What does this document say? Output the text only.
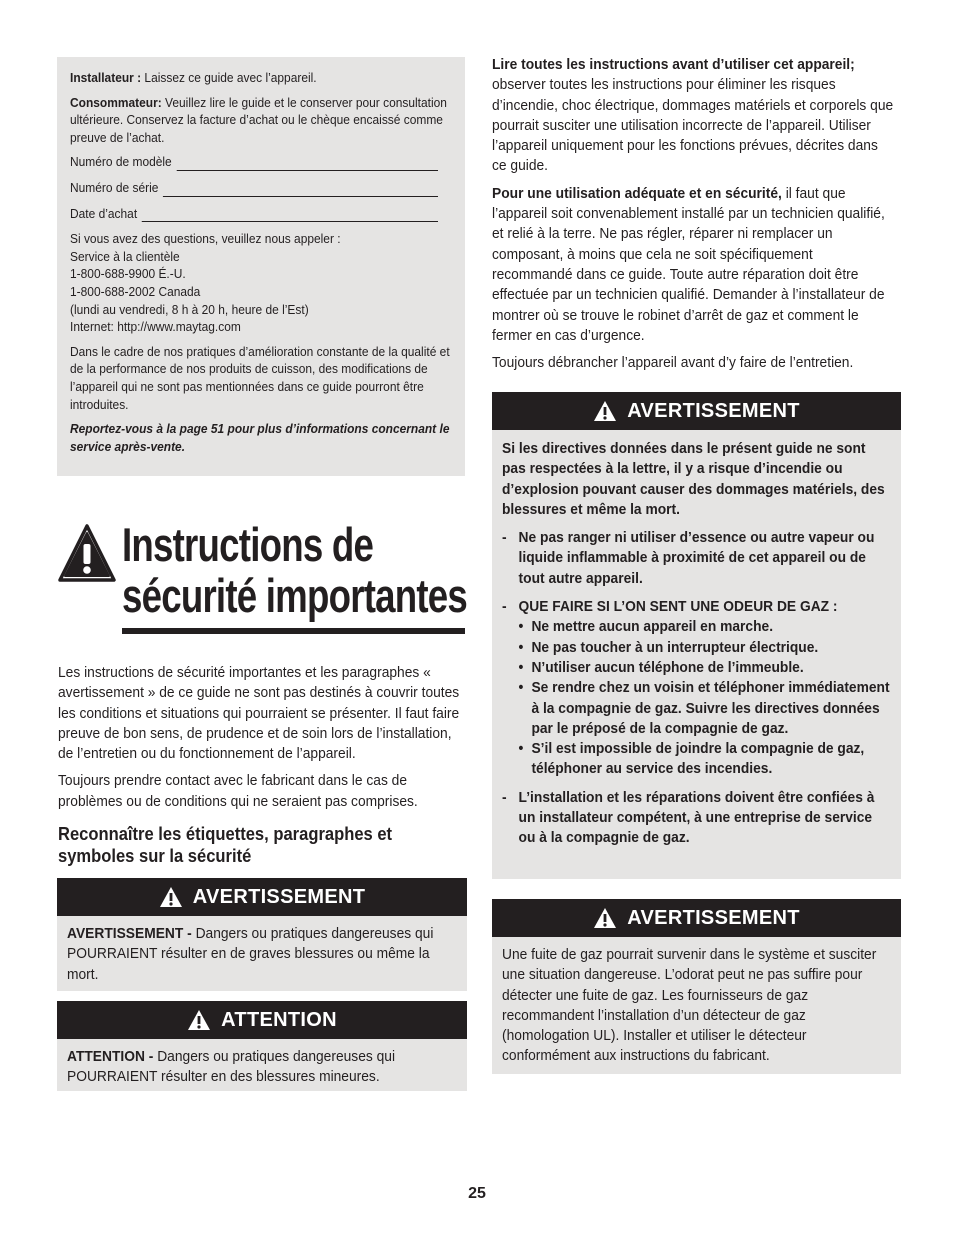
Installateur : Laissez ce guide avec l’appareil.

Consommateur: Veuillez lire le guide et le conserver pour consultation ultérieure. Conservez la facture d’achat ou le chèque encaissé comme preuve de l’achat.

Numéro de modèle
Numéro de série
Date d’achat

Si vous avez des questions, veuillez nous appeler :

Service à la clientèle

1-800-688-9900 É.-U.

1-800-688-2002 Canada

(lundi au vendredi, 8 h à 20 h, heure de l’Est)

Internet: http://www.maytag.com

Dans le cadre de nos pratiques d’amélioration constante de la qualité et de la performance de nos produits de cuisson, des modifications de l’appareil qui ne sont pas mentionnées dans ce guide pourront être introduites.

Reportez-vous à la page 51 pour plus d’informations concernant le service après-vente.

Instructions de
sécurité importantes

Les instructions de sécurité importantes et les paragraphes « avertissement » de ce guide ne sont pas destinés à couvrir toutes les conditions et situations qui pourraient se présenter. Il faut faire preuve de bon sens, de prudence et de soin lors de l’installation, de l’entretien ou du fonctionnement de l’appareil.

Toujours prendre contact avec le fabricant dans le cas de problèmes ou de conditions qui ne seraient pas comprises.

Reconnaître les étiquettes, paragraphes et symboles sur la sécurité
AVERTISSEMENT
AVERTISSEMENT - Dangers ou pratiques dangereuses qui POURRAIENT résulter en de graves blessures ou même la mort.
ATTENTION
ATTENTION - Dangers ou pratiques dangereuses qui POURRAIENT résulter en des blessures mineures.

Lire toutes les instructions avant d’utiliser cet appareil; observer toutes les instructions pour éliminer les risques d’incendie, choc électrique, dommages matériels et corporels que pourrait susciter une utilisation incorrecte de l’appareil. Utiliser l’appareil uniquement pour les fonctions prévues, décrites dans ce guide.

Pour une utilisation adéquate et en sécurité, il faut que l’appareil soit convenablement installé par un technicien qualifié, et relié à la terre. Ne pas régler, réparer ni remplacer un composant, à moins que cela ne soit spécifiquement recommandé dans ce guide. Toute autre réparation doit être effectuée par un technicien qualifié. Demander à l’installateur de montrer où se trouve le robinet d’arrêt de gaz et comment le fermer en cas d’urgence.

Toujours débrancher l’appareil avant d’y faire de l’entretien.

AVERTISSEMENT

Si les directives données dans le présent guide ne sont pas respectées à la lettre, il y a risque d’incendie ou d’explosion pouvant causer des dommages matériels, des blessures et même la mort.

- Ne pas ranger ni utiliser d’essence ou autre vapeur ou liquide inflammable à proximité de cet appareil ou de tout autre appareil.
- QUE FAIRE SI L’ON SENT UNE ODEUR DE GAZ :
• Ne mettre aucun appareil en marche.
• Ne pas toucher à un interrupteur électrique.
• N’utiliser aucun téléphone de l’immeuble.
• Se rendre chez un voisin et téléphoner immédiatement à la compagnie de gaz. Suivre les directives données par le préposé de la compagnie de gaz.
• S’il est impossible de joindre la compagnie de gaz, téléphoner au service des incendies.
- L’installation et les réparations doivent être confiées à un installateur compétent, à une entreprise de service ou à la compagnie de gaz.
AVERTISSEMENT
Une fuite de gaz pourrait survenir dans le système et susciter une situation dangereuse. L’odorat peut ne pas suffire pour détecter une fuite de gaz. Les fournisseurs de gaz recommandent l’installation d’un détecteur de gaz (homologation UL). Installer et utiliser le détecteur conformément aux instructions du fabricant.
25
